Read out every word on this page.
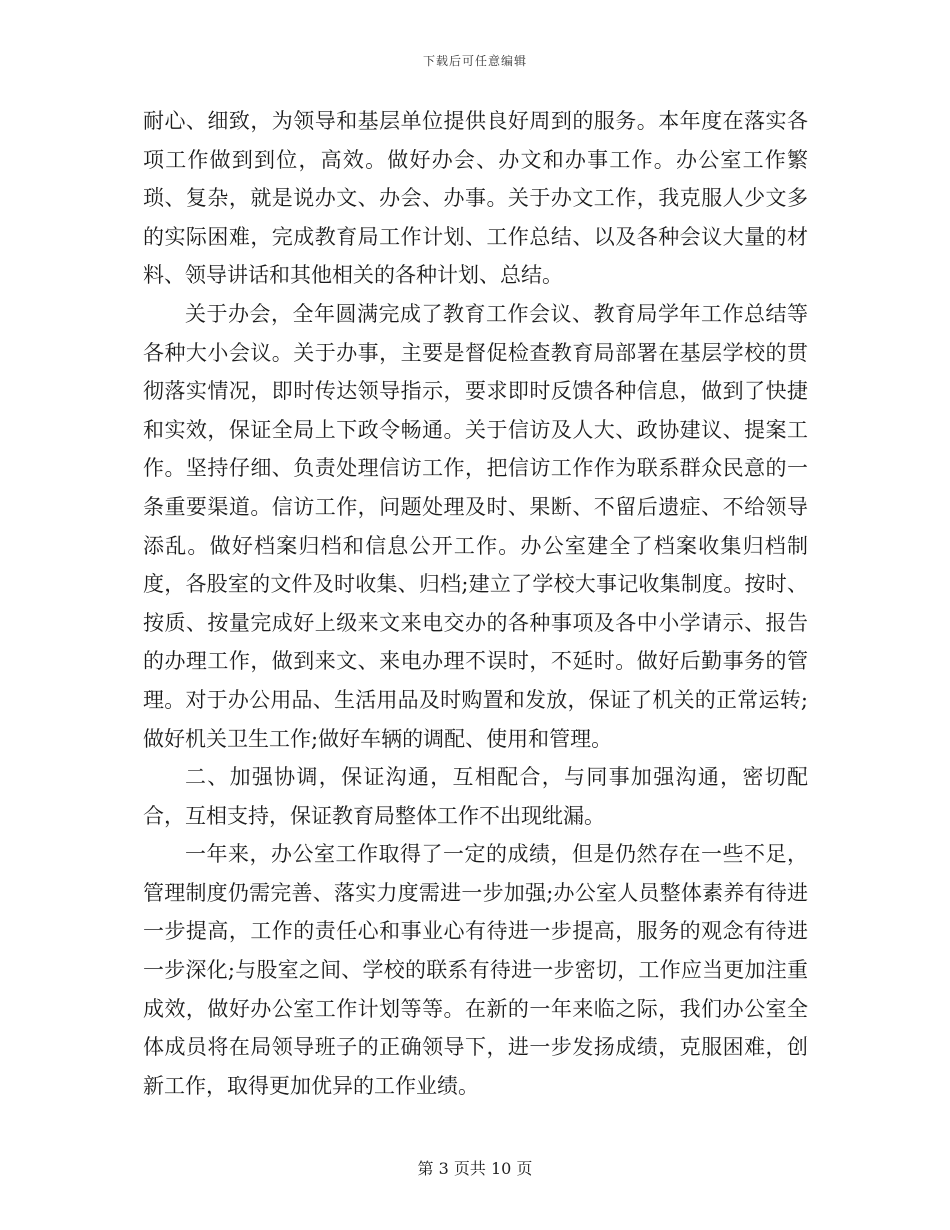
下载后可任意编辑

耐心、细致，为领导和基层单位提供良好周到的服务。本年度在落实各项工作做到到位，高效。做好办会、办文和办事工作。办公室工作繁琐、复杂，就是说办文、办会、办事。关于办文工作，我克服人少文多的实际困难，完成教育局工作计划、工作总结、以及各种会议大量的材料、领导讲话和其他相关的各种计划、总结。

关于办会，全年圆满完成了教育工作会议、教育局学年工作总结等各种大小会议。关于办事，主要是督促检查教育局部署在基层学校的贯彻落实情况，即时传达领导指示，要求即时反馈各种信息，做到了快捷和实效，保证全局上下政令畅通。关于信访及人大、政协建议、提案工作。坚持仔细、负责处理信访工作，把信访工作作为联系群众民意的一条重要渠道。信访工作，问题处理及时、果断、不留后遗症、不给领导添乱。做好档案归档和信息公开工作。办公室建全了档案收集归档制度，各股室的文件及时收集、归档;建立了学校大事记收集制度。按时、按质、按量完成好上级来文来电交办的各种事项及各中小学请示、报告的办理工作，做到来文、来电办理不误时，不延时。做好后勤事务的管理。对于办公用品、生活用品及时购置和发放，保证了机关的正常运转;做好机关卫生工作;做好车辆的调配、使用和管理。

二、加强协调，保证沟通，互相配合，与同事加强沟通，密切配合，互相支持，保证教育局整体工作不出现纰漏。

一年来，办公室工作取得了一定的成绩，但是仍然存在一些不足，管理制度仍需完善、落实力度需进一步加强;办公室人员整体素养有待进一步提高，工作的责任心和事业心有待进一步提高，服务的观念有待进一步深化;与股室之间、学校的联系有待进一步密切，工作应当更加注重成效，做好办公室工作计划等等。在新的一年来临之际，我们办公室全体成员将在局领导班子的正确领导下，进一步发扬成绩，克服困难，创新工作，取得更加优异的工作业绩。

第 3 页共 10 页
